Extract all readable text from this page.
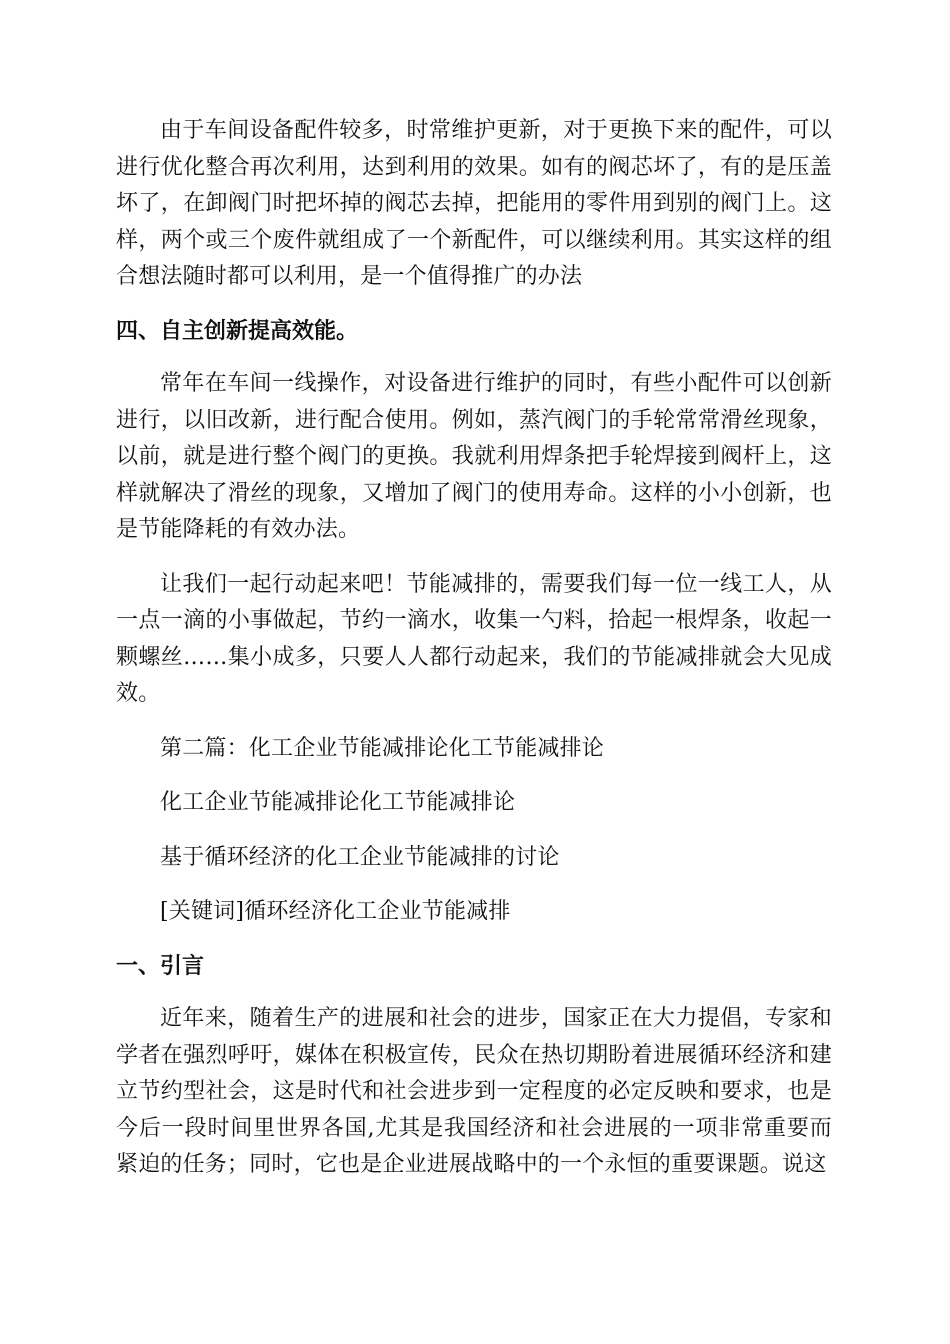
由于车间设备配件较多，时常维护更新，对于更换下来的配件，可以进行优化整合再次利用，达到利用的效果。如有的阀芯坏了，有的是压盖坏了，在卸阀门时把坏掉的阀芯去掉，把能用的零件用到别的阀门上。这样，两个或三个废件就组成了一个新配件，可以继续利用。其实这样的组合想法随时都可以利用，是一个值得推广的办法

四、自主创新提高效能。

常年在车间一线操作，对设备进行维护的同时，有些小配件可以创新进行，以旧改新，进行配合使用。例如，蒸汽阀门的手轮常常滑丝现象，以前，就是进行整个阀门的更换。我就利用焊条把手轮焊接到阀杆上，这样就解决了滑丝的现象，又增加了阀门的使用寿命。这样的小小创新，也是节能降耗的有效办法。

让我们一起行动起来吧！节能减排的，需要我们每一位一线工人，从一点一滴的小事做起，节约一滴水，收集一勺料，拾起一根焊条，收起一颗螺丝……集小成多，只要人人都行动起来，我们的节能减排就会大见成效。

第二篇：化工企业节能减排论化工节能减排论

化工企业节能减排论化工节能减排论

基于循环经济的化工企业节能减排的讨论

[关键词]循环经济化工企业节能减排

一、引言

近年来，随着生产的进展和社会的进步，国家正在大力提倡，专家和学者在强烈呼吁，媒体在积极宣传，民众在热切期盼着进展循环经济和建立节约型社会，这是时代和社会进步到一定程度的必定反映和要求，也是今后一段时间里世界各国,尤其是我国经济和社会进展的一项非常重要而紧迫的任务；同时，它也是企业进展战略中的一个永恒的重要课题。说这
